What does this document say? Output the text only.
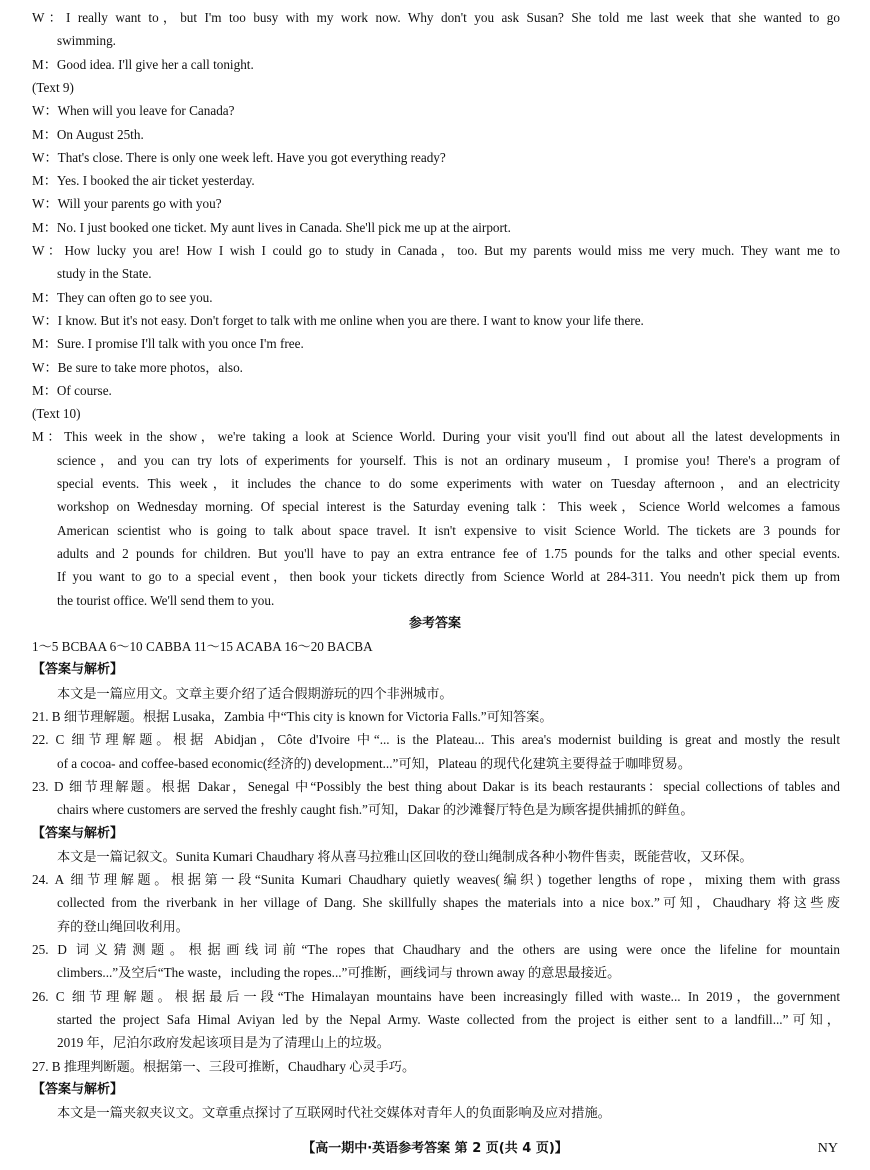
W：I really want to，but I'm too busy with my work now. Why don't you ask Susan? She told me last week that she wanted to go
swimming.
M：Good idea. I'll give her a call tonight.
(Text 9)
W：When will you leave for Canada?
M：On August 25th.
W：That's close. There is only one week left. Have you got everything ready?
M：Yes. I booked the air ticket yesterday.
W：Will your parents go with you?
M：No. I just booked one ticket. My aunt lives in Canada. She'll pick me up at the airport.
W：How lucky you are! How I wish I could go to study in Canada，too. But my parents would miss me very much. They want me to
study in the State.
M：They can often go to see you.
W：I know. But it's not easy. Don't forget to talk with me online when you are there. I want to know your life there.
M：Sure. I promise I'll talk with you once I'm free.
W：Be sure to take more photos，also.
M：Of course.
(Text 10)
M：This week in the show，we're taking a look at Science World. During your visit you'll find out about all the latest developments in
science，and you can try lots of experiments for yourself. This is not an ordinary museum，I promise you! There's a program of
special events. This week，it includes the chance to do some experiments with water on Tuesday afternoon，and an electricity
workshop on Wednesday morning. Of special interest is the Saturday evening talk：This week，Science World welcomes a famous
American scientist who is going to talk about space travel. It isn't expensive to visit Science World. The tickets are 3 pounds for
adults and 2 pounds for children. But you'll have to pay an extra entrance fee of 1.75 pounds for the talks and other special events.
If you want to go to a special event，then book your tickets directly from Science World at 284-311. You needn't pick them up from
the tourist office. We'll send them to you.
参考答案
1～5 BCBAA 6～10 CABBA 11～15 ACABA 16～20 BACBA
【答案与解析】
本文是一篇应用文。文章主要介绍了适合假期游玩的四个非洲城市。
21. B 细节理解题。根据 Lusaka，Zambia 中“This city is known for Victoria Falls.”可知答案。
22. C 细节理解题。根据 Abidjan，Côte d'Ivoire 中“... is the Plateau... This area's modernist building is great and mostly the result
of a cocoa- and coffee-based economic(经济的) development...”可知，Plateau 的现代化建筑主要得益于咖啡贸易。
23. D 细节理解题。根据 Dakar，Senegal 中“Possibly the best thing about Dakar is its beach restaurants：special collections of tables and
chairs where customers are served the freshly caught fish.”可知，Dakar 的沙滩餐厅特色是为顾客提供捕抓的鲜鱼。
【答案与解析】
本文是一篇记叙文。Sunita Kumari Chaudhary 将从喜马拉雅山区回收的登山绳制成各种小物件售卖，既能营收，又环保。
24. A 细节理解题。根据第一段“Sunita Kumari Chaudhary quietly weaves(编织) together lengths of rope，mixing them with grass
collected from the riverbank in her village of Dang. She skillfully shapes the materials into a nice box.”可知，Chaudhary 将这些废
弃的登山绳回收利用。
25. D 词义猜测题。根据画线词前“The ropes that Chaudhary and the others are using were once the lifeline for mountain
climbers...”及空后“The waste，including the ropes...”可推断，画线词与 thrown away 的意思最接近。
26. C 细节理解题。根据最后一段“The Himalayan mountains have been increasingly filled with waste... In 2019，the government
started the project Safa Himal Aviyan led by the Nepal Army. Waste collected from the project is either sent to a landfill...”可知，
2019 年，尼泊尔政府发起该项目是为了清理山上的垃圾。
27. B 推理判断题。根据第一、三段可推断，Chaudhary 心灵手巧。
【答案与解析】
本文是一篇夹叙夹议文。文章重点探讨了互联网时代社交媒体对青年人的负面影响及应对措施。
【高一期中·英语参考答案 第 2 页(共 4 页)】	NY
